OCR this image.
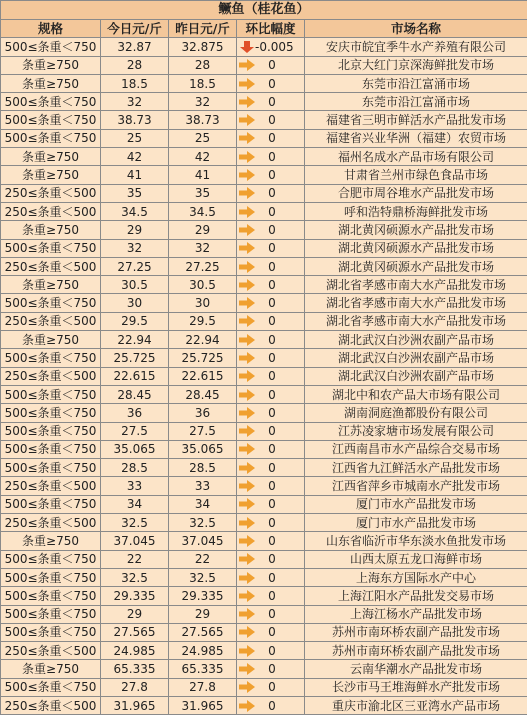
鳜鱼（桂花鱼）				
规格	今日元/斤	昨日元/斤	环比幅度	市场名称
500≤条重＜750	32.87	32.875	-0.005	安庆市皖宜季牛水产养殖有限公司
条重≥750	28	28	0	北京大红门京深海鲜批发市场
条重≥750	18.5	18.5	0	东莞市沿江富涌市场
500≤条重＜750	32	32	0	东莞市沿江富涌市场
500≤条重＜750	38.73	38.73	0	福建省三明市鲜活水产品批发市场
500≤条重＜750	25	25	0	福建省兴业华洲（福建）农贸市场
条重≥750	42	42	0	福州名成水产品市场有限公司
条重≥750	41	41	0	甘肃省兰州市绿色食品市场
250≤条重＜500	35	35	0	合肥市周谷堆水产品批发市场
250≤条重＜500	34.5	34.5	0	呼和浩特鼎桥海鲜批发市场
条重≥750	29	29	0	湖北黄冈硕源水产品批发市场
500≤条重＜750	32	32	0	湖北黄冈硕源水产品批发市场
250≤条重＜500	27.25	27.25	0	湖北黄冈硕源水产品批发市场
条重≥750	30.5	30.5	0	湖北省孝感市南大水产品批发市场
500≤条重＜750	30	30	0	湖北省孝感市南大水产品批发市场
250≤条重＜500	29.5	29.5	0	湖北省孝感市南大水产品批发市场
条重≥750	22.94	22.94	0	湖北武汉白沙洲农副产品市场
500≤条重＜750	25.725	25.725	0	湖北武汉白沙洲农副产品市场
250≤条重＜500	22.615	22.615	0	湖北武汉白沙洲农副产品市场
500≤条重＜750	28.45	28.45	0	湖北中和农产品大市场有限公司
500≤条重＜750	36	36	0	湖南洞庭渔都股份有限公司
500≤条重＜750	27.5	27.5	0	江苏凌家塘市场发展有限公司
500≤条重＜750	35.065	35.065	0	江西南昌市水产品综合交易市场
500≤条重＜750	28.5	28.5	0	江西省九江鲜活水产品批发市场
250≤条重＜500	33	33	0	江西省萍乡市城南水产批发市场
500≤条重＜750	34	34	0	厦门市水产品批发市场
250≤条重＜500	32.5	32.5	0	厦门市水产品批发市场
条重≥750	37.045	37.045	0	山东省临沂市华东淡水鱼批发市场
500≤条重＜750	22	22	0	山西太原五龙口海鲜市场
500≤条重＜750	32.5	32.5	0	上海东方国际水产中心
500≤条重＜750	29.335	29.335	0	上海江阳水产品批发交易市场
500≤条重＜750	29	29	0	上海江杨水产品批发市场
500≤条重＜750	27.565	27.565	0	苏州市南环桥农副产品批发市场
250≤条重＜500	24.985	24.985	0	苏州市南环桥农副产品批发市场
条重≥750	65.335	65.335	0	云南华潮水产品批发市场
500≤条重＜750	27.8	27.8	0	长沙市马王堆海鲜水产批发市场
250≤条重＜500	31.965	31.965	0	重庆市渝北区三亚湾水产品市场
